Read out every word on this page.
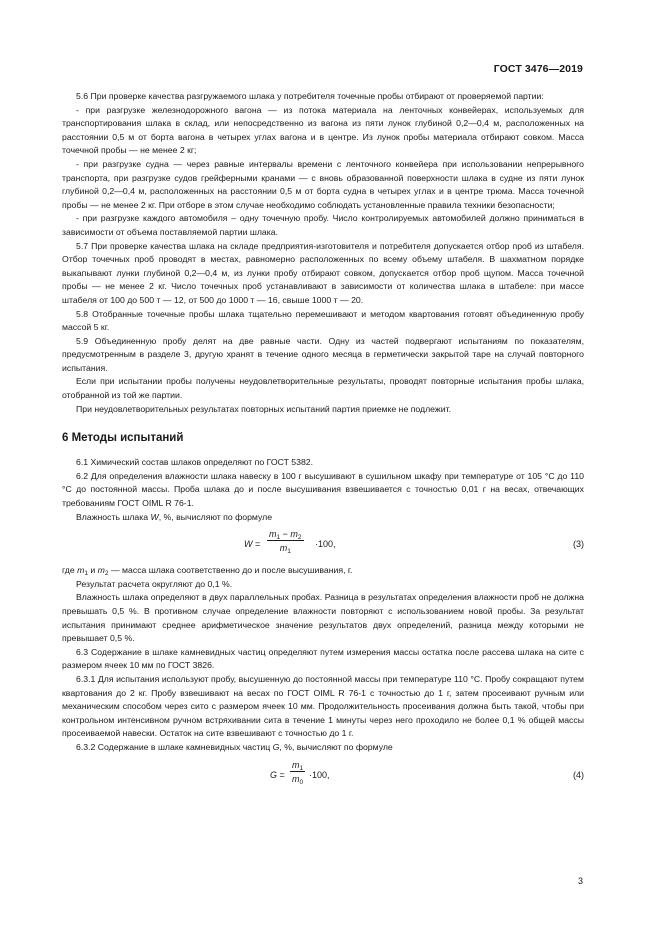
ГОСТ 3476—2019

5.6 При проверке качества разгружаемого шлака у потребителя точечные пробы отбирают от проверяемой партии:

- при разгрузке железнодорожного вагона — из потока материала на ленточных конвейерах, используемых для транспортирования шлака в склад, или непосредственно из вагона из пяти лунок глубиной 0,2—0,4 м, расположенных на расстоянии 0,5 м от борта вагона в четырех углах вагона и в центре. Из лунок пробы материала отбирают совком. Масса точечной пробы — не менее 2 кг;

- при разгрузке судна — через равные интервалы времени с ленточного конвейера при использовании непрерывного транспорта, при разгрузке судов грейферными кранами — с вновь образованной поверхности шлака в судне из пяти лунок глубиной 0,2—0,4 м, расположенных на расстоянии 0,5 м от борта судна в четырех углах и в центре трюма. Масса точечной пробы — не менее 2 кг. При отборе в этом случае необходимо соблюдать установленные правила техники безопасности;

- при разгрузке каждого автомобиля – одну точечную пробу. Число контролируемых автомобилей должно приниматься в зависимости от объема поставляемой партии шлака.

5.7 При проверке качества шлака на складе предприятия-изготовителя и потребителя допускается отбор проб из штабеля. Отбор точечных проб проводят в местах, равномерно расположенных по всему объему штабеля. В шахматном порядке выкапывают лунки глубиной 0,2—0,4 м, из лунки пробу отбирают совком, допускается отбор проб щупом. Масса точечной пробы — не менее 2 кг. Число точечных проб устанавливают в зависимости от количества шлака в штабеле: при массе штабеля от 100 до 500 т — 12, от 500 до 1000 т — 16, свыше 1000 т — 20.

5.8 Отобранные точечные пробы шлака тщательно перемешивают и методом квартования готовят объединенную пробу массой 5 кг.

5.9 Объединенную пробу делят на две равные части. Одну из частей подвергают испытаниям по показателям, предусмотренным в разделе 3, другую хранят в течение одного месяца в герметически закрытой таре на случай повторного испытания.

Если при испытании пробы получены неудовлетворительные результаты, проводят повторные испытания пробы шлака, отобранной из той же партии.

При неудовлетворительных результатах повторных испытаний партия приемке не подлежит.

6 Методы испытаний

6.1 Химический состав шлаков определяют по ГОСТ 5382.

6.2 Для определения влажности шлака навеску в 100 г высушивают в сушильном шкафу при температуре от 105 °С до 110 °С до постоянной массы. Проба шлака до и после высушивания взвешивается с точностью 0,01 г на весах, отвечающих требованиям ГОСТ OIML R 76-1.

Влажность шлака W, %, вычисляют по формуле

$W = \frac{m_1 - m_2}{m_1} \cdot 100$,	(3)

где $m_1$ и $m_2$ — масса шлака соответственно до и после высушивания, г.

Результат расчета округляют до 0,1 %.

Влажность шлака определяют в двух параллельных пробах. Разница в результатах определения влажности проб не должна превышать 0,5 %. В противном случае определение влажности повторяют с использованием новой пробы. За результат испытания принимают среднее арифметическое значение результатов двух определений, разница между которыми не превышает 0,5 %.

6.3 Содержание в шлаке камневидных частиц определяют путем измерения массы остатка после рассева шлака на сите с размером ячеек 10 мм по ГОСТ 3826.

6.3.1 Для испытания используют пробу, высушенную до постоянной массы при температуре 110 °С. Пробу сокращают путем квартования до 2 кг. Пробу взвешивают на весах по ГОСТ OIML R 76-1 с точностью до 1 г, затем просеивают ручным или механическим способом через сито с размером ячеек 10 мм. Продолжительность просеивания должна быть такой, чтобы при контрольном интенсивном ручном встряхивании сита в течение 1 минуты через него проходило не более 0,1 % общей массы просеиваемой навески. Остаток на сите взвешивают с точностью до 1 г.

6.3.2 Содержание в шлаке камневидных частиц G, %, вычисляют по формуле

$G = \frac{m_1}{m_0} \cdot 100$,	(4)
3
